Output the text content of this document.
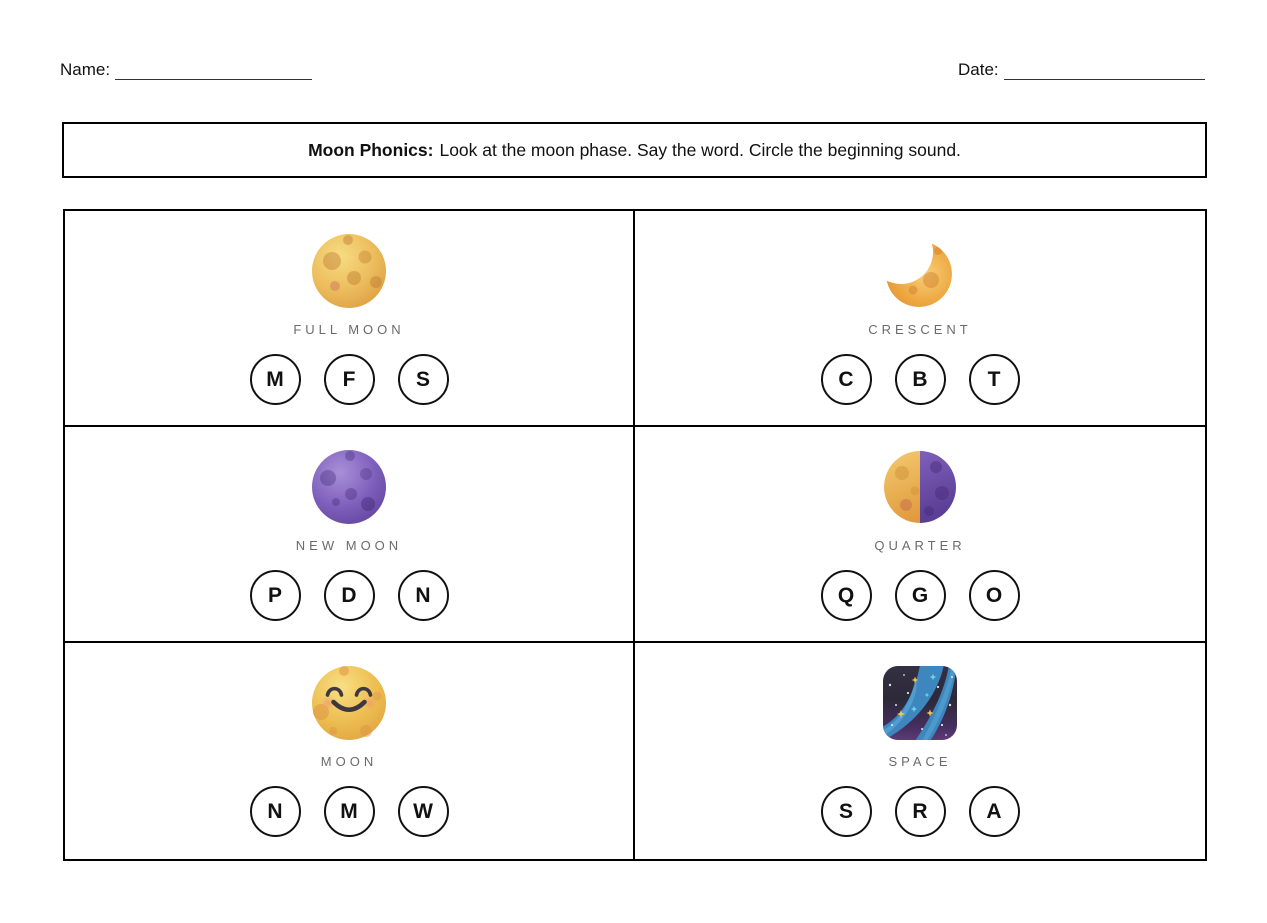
Name:	Date:
Moon Phonics: Look at the moon phase. Say the word. Circle the beginning sound.
FULL MOON
M	F	S
CRESCENT
C	B	T
NEW MOON
P	D	N
QUARTER
Q	G	O
MOON
N	M	W
SPACE
S	R	A
